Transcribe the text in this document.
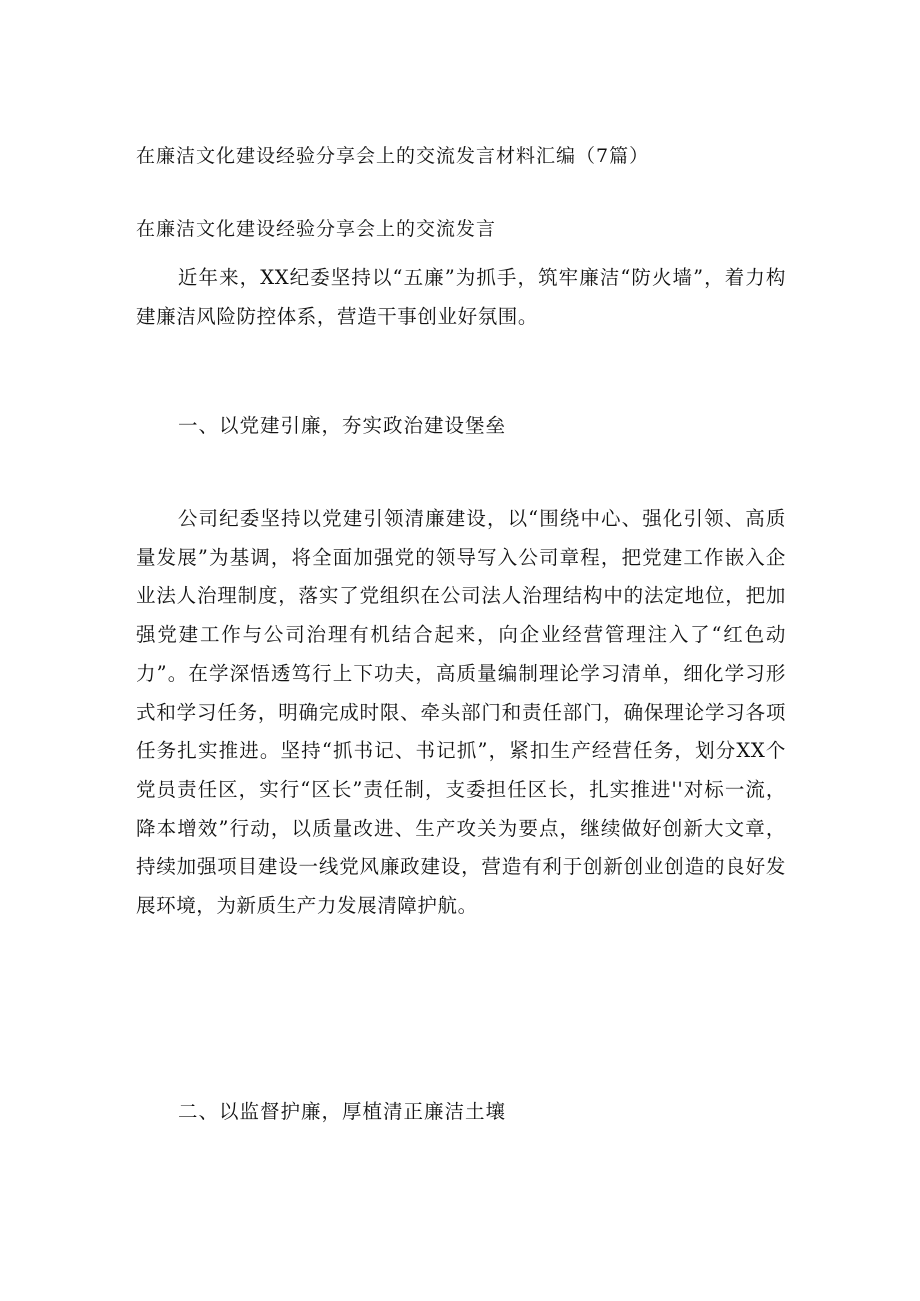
在廉洁文化建设经验分享会上的交流发言材料汇编（7篇）
在廉洁文化建设经验分享会上的交流发言

近年来，XX纪委坚持以“五廉”为抓手，筑牢廉洁“防火墙”，着力构建廉洁风险防控体系，营造干事创业好氛围。

一、以党建引廉，夯实政治建设堡垒

公司纪委坚持以党建引领清廉建设，以“围绕中心、强化引领、高质量发展”为基调，将全面加强党的领导写入公司章程，把党建工作嵌入企业法人治理制度，落实了党组织在公司法人治理结构中的法定地位，把加强党建工作与公司治理有机结合起来，向企业经营管理注入了“红色动力”。在学深悟透笃行上下功夫，高质量编制理论学习清单，细化学习形式和学习任务，明确完成时限、牵头部门和责任部门，确保理论学习各项任务扎实推进。坚持“抓书记、书记抓”，紧扣生产经营任务，划分XX个党员责任区，实行“区长”责任制，支委担任区长，扎实推进''对标一流，降本增效”行动，以质量改进、生产攻关为要点，继续做好创新大文章，持续加强项目建设一线党风廉政建设，营造有利于创新创业创造的良好发展环境，为新质生产力发展清障护航。

二、以监督护廉，厚植清正廉洁土壤
